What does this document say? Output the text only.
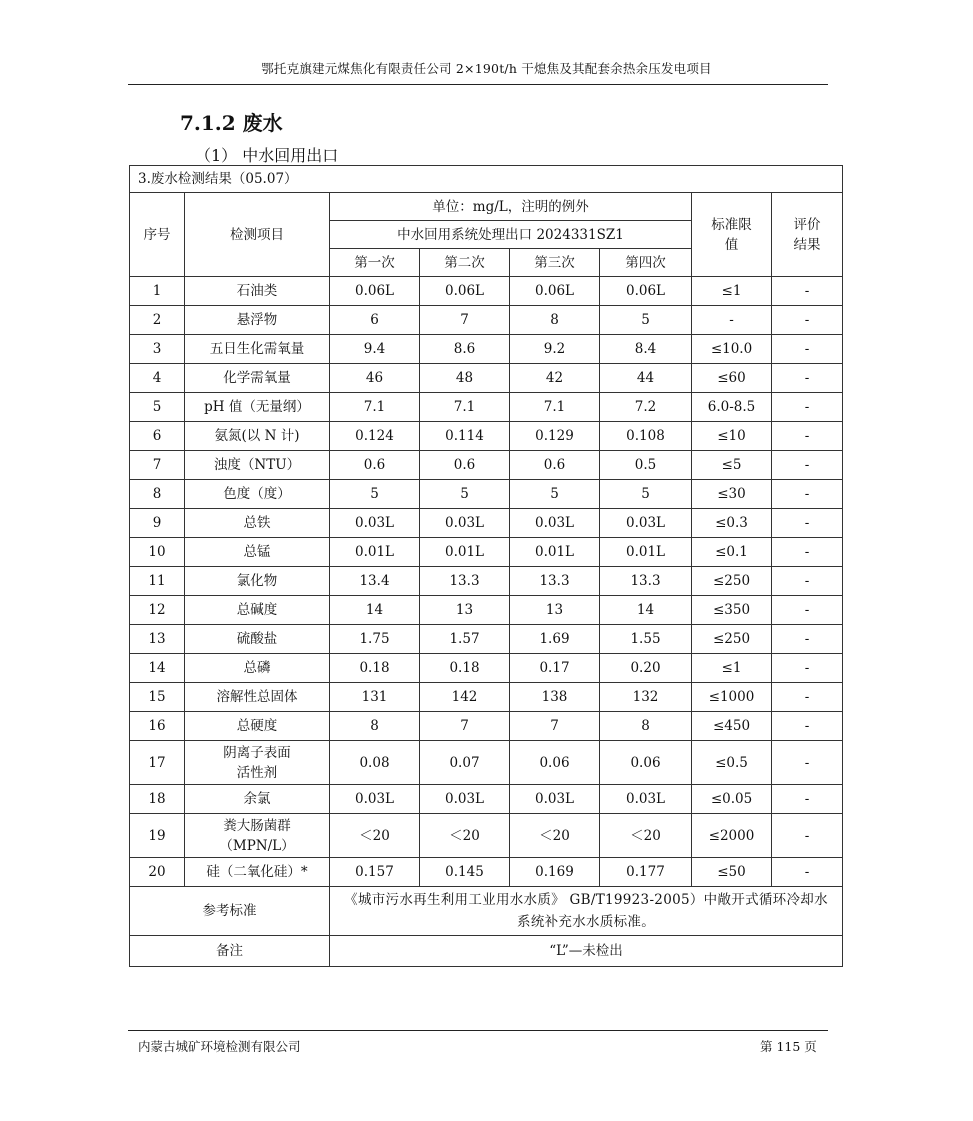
鄂托克旗建元煤焦化有限责任公司 2×190t/h 干熄焦及其配套余热余压发电项目
7.1.2 废水
（1） 中水回用出口
3.废水检测结果（05.07）							
序号	检测项目	单位：mg/L，注明的例外				标准限值	评价结果
		中水回用系统处理出口 2024331SZ1					
		第一次	第二次	第三次	第四次		
1	石油类	0.06L	0.06L	0.06L	0.06L	≤1	-
2	悬浮物	6	7	8	5	-	-
3	五日生化需氧量	9.4	8.6	9.2	8.4	≤10.0	-
4	化学需氧量	46	48	42	44	≤60	-
5	pH 值（无量纲）	7.1	7.1	7.1	7.2	6.0-8.5	-
6	氨氮(以 N 计)	0.124	0.114	0.129	0.108	≤10	-
7	浊度（NTU）	0.6	0.6	0.6	0.5	≤5	-
8	色度（度）	5	5	5	5	≤30	-
9	总铁	0.03L	0.03L	0.03L	0.03L	≤0.3	-
10	总锰	0.01L	0.01L	0.01L	0.01L	≤0.1	-
11	氯化物	13.4	13.3	13.3	13.3	≤250	-
12	总碱度	14	13	13	14	≤350	-
13	硫酸盐	1.75	1.57	1.69	1.55	≤250	-
14	总磷	0.18	0.18	0.17	0.20	≤1	-
15	溶解性总固体	131	142	138	132	≤1000	-
16	总硬度	8	7	7	8	≤450	-
17	阴离子表面
活性剂	0.08	0.07	0.06	0.06	≤0.5	-
18	余氯	0.03L	0.03L	0.03L	0.03L	≤0.05	-
19	粪大肠菌群
（MPN/L）	＜20	＜20	＜20	＜20	≤2000	-
20	硅（二氧化硅）*	0.157	0.145	0.169	0.177	≤50	-
参考标准		《城市污水再生利用工业用水水质》 GB/T19923-2005）中敞开式循环冷却水系统补充水水质标准。					
备注		“L”—未检出					
内蒙古城矿环境检测有限公司	第 115 页
